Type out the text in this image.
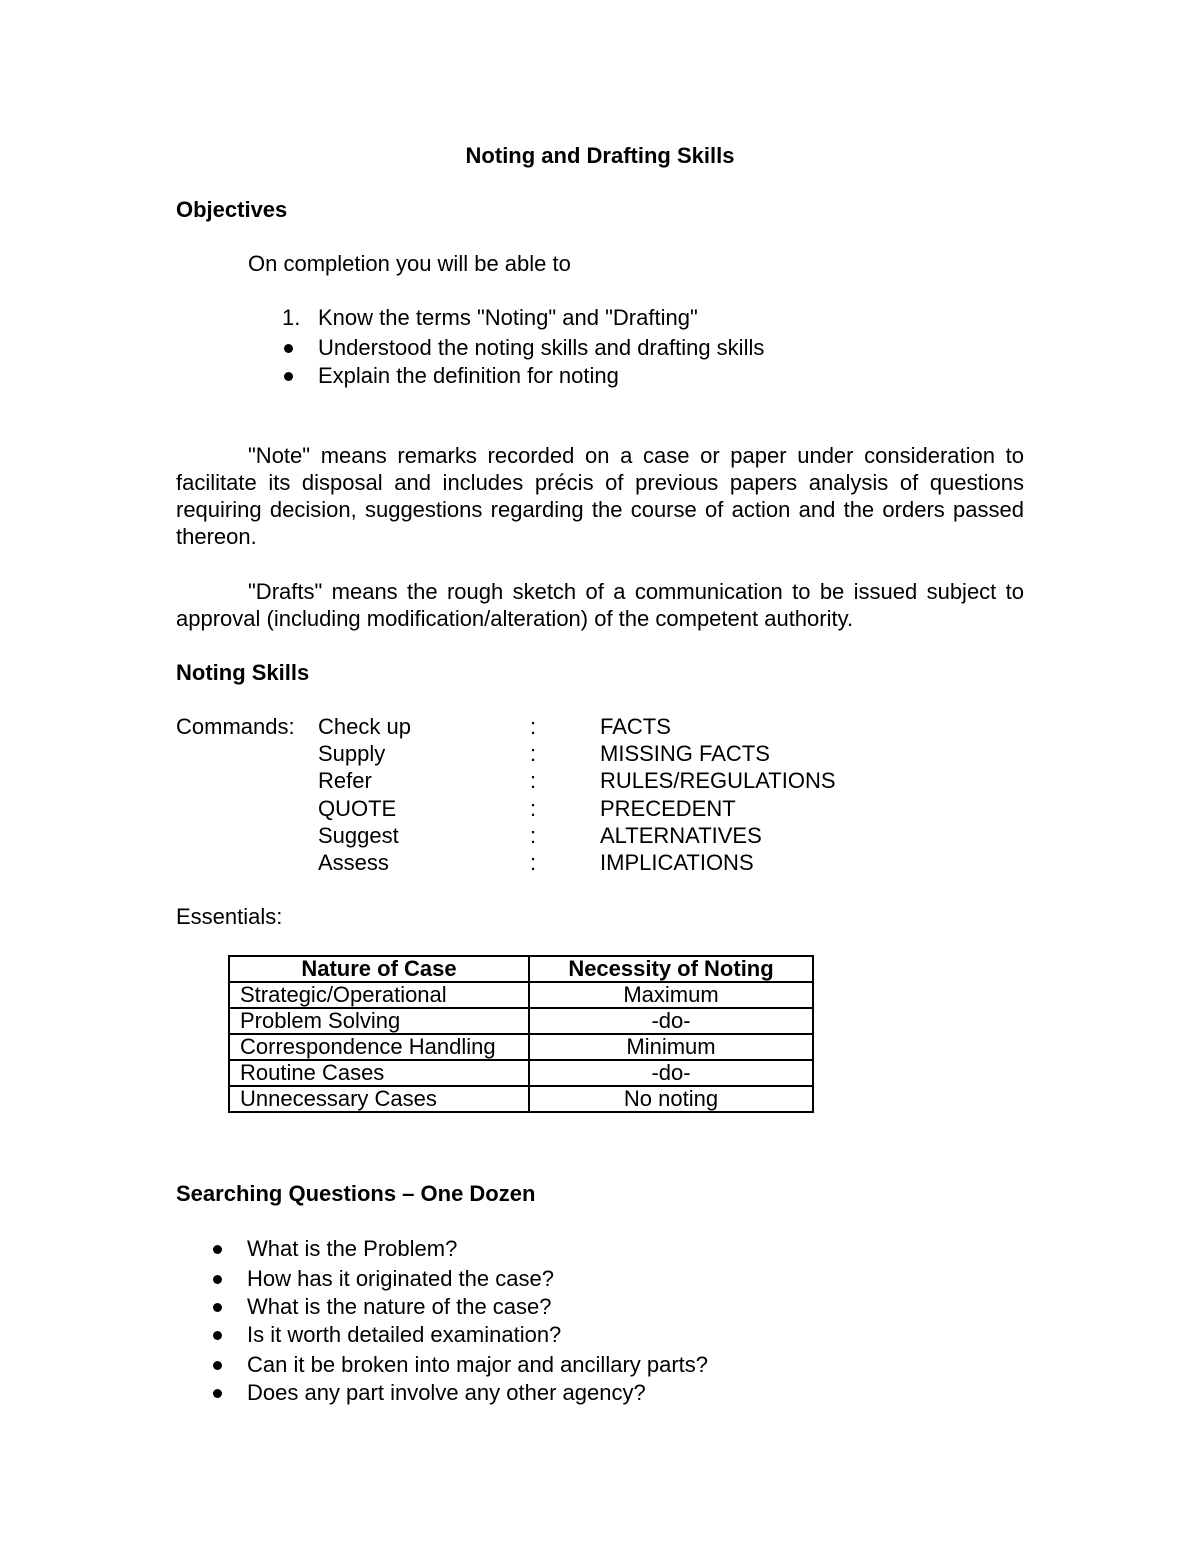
Noting and Drafting Skills
Objectives
On completion you will be able to
1. Know the terms "Noting" and "Drafting"
Understood the noting skills and drafting skills
Explain the definition for noting
"Note" means remarks recorded on a case or paper under consideration to facilitate its disposal and includes précis of previous papers analysis of questions requiring decision, suggestions regarding the course of action and the orders passed thereon.
"Drafts" means the rough sketch of a communication to be issued subject to approval (including modification/alteration) of the competent authority.
Noting Skills
Commands: Check up	:	FACTS
Supply	:	MISSING FACTS
Refer	:	RULES/REGULATIONS
QUOTE	:	PRECEDENT
Suggest	:	ALTERNATIVES
Assess	:	IMPLICATIONS
Essentials:
Nature of Case	Necessity of Noting
Strategic/Operational	Maximum
Problem Solving	-do-
Correspondence Handling	Minimum
Routine Cases	-do-
Unnecessary Cases	No noting
Searching Questions – One Dozen
What is the Problem?
How has it originated the case?
What is the nature of the case?
Is it worth detailed examination?
Can it be broken into major and ancillary parts?
Does any part involve any other agency?
